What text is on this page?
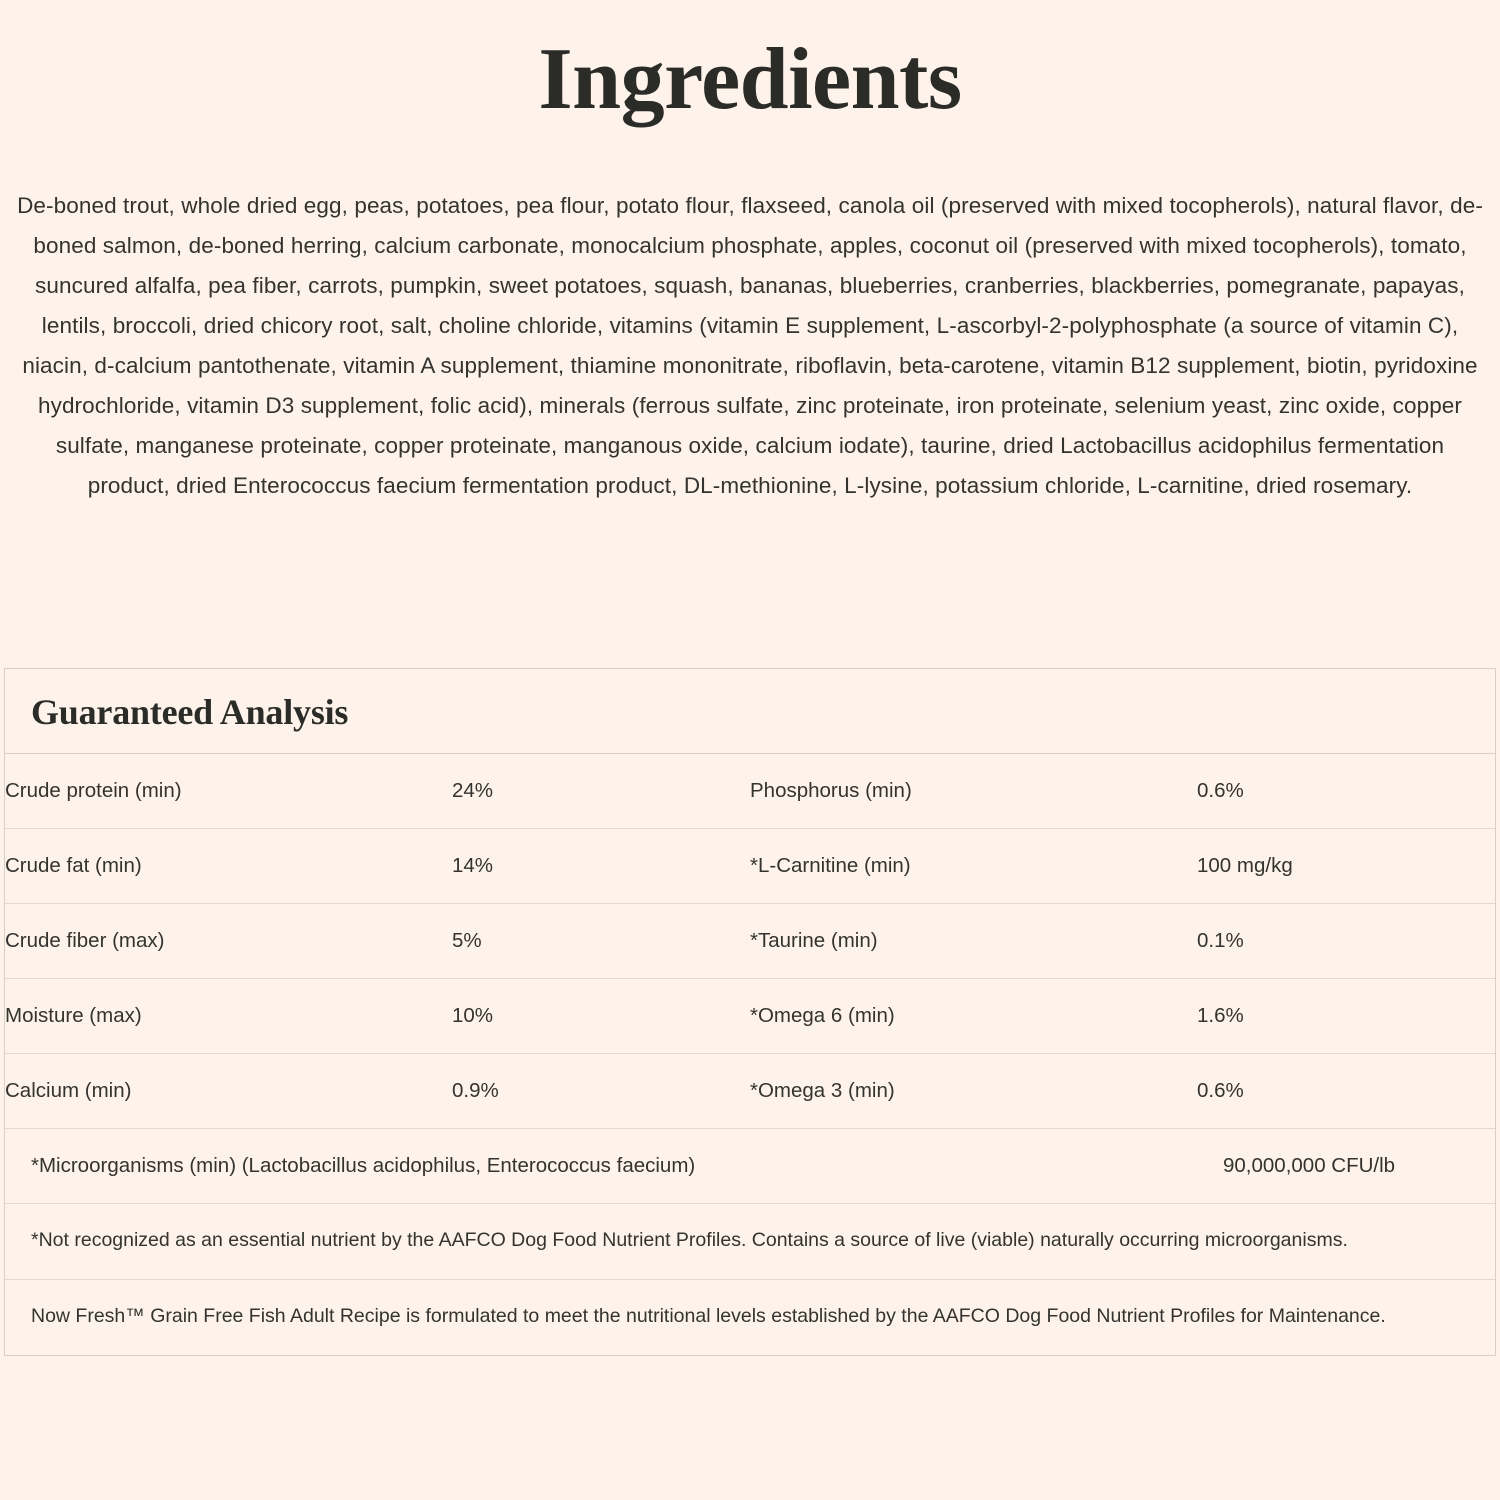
Ingredients

De-boned trout, whole dried egg, peas, potatoes, pea flour, potato flour, flaxseed, canola oil (preserved with mixed tocopherols), natural flavor, de-boned salmon, de-boned herring, calcium carbonate, monocalcium phosphate, apples, coconut oil (preserved with mixed tocopherols), tomato, suncured alfalfa, pea fiber, carrots, pumpkin, sweet potatoes, squash, bananas, blueberries, cranberries, blackberries, pomegranate, papayas, lentils, broccoli, dried chicory root, salt, choline chloride, vitamins (vitamin E supplement, L-ascorbyl-2-polyphosphate (a source of vitamin C), niacin, d-calcium pantothenate, vitamin A supplement, thiamine mononitrate, riboflavin, beta-carotene, vitamin B12 supplement, biotin, pyridoxine hydrochloride, vitamin D3 supplement, folic acid), minerals (ferrous sulfate, zinc proteinate, iron proteinate, selenium yeast, zinc oxide, copper sulfate, manganese proteinate, copper proteinate, manganous oxide, calcium iodate), taurine, dried Lactobacillus acidophilus fermentation product, dried Enterococcus faecium fermentation product, DL-methionine, L-lysine, potassium chloride, L-carnitine, dried rosemary.

Guaranteed Analysis
Crude protein (min)	24%	Phosphorus (min)	0.6%
Crude fat (min)	14%	*L-Carnitine (min)	100 mg/kg
Crude fiber (max)	5%	*Taurine (min)	0.1%
Moisture (max)	10%	*Omega 6 (min)	1.6%
Calcium (min)	0.9%	*Omega 3 (min)	0.6%
*Microorganisms (min) (Lactobacillus acidophilus, Enterococcus faecium)			90,000,000 CFU/lb
*Not recognized as an essential nutrient by the AAFCO Dog Food Nutrient Profiles. Contains a source of live (viable) naturally occurring microorganisms.
Now Fresh™ Grain Free Fish Adult Recipe is formulated to meet the nutritional levels established by the AAFCO Dog Food Nutrient Profiles for Maintenance.
